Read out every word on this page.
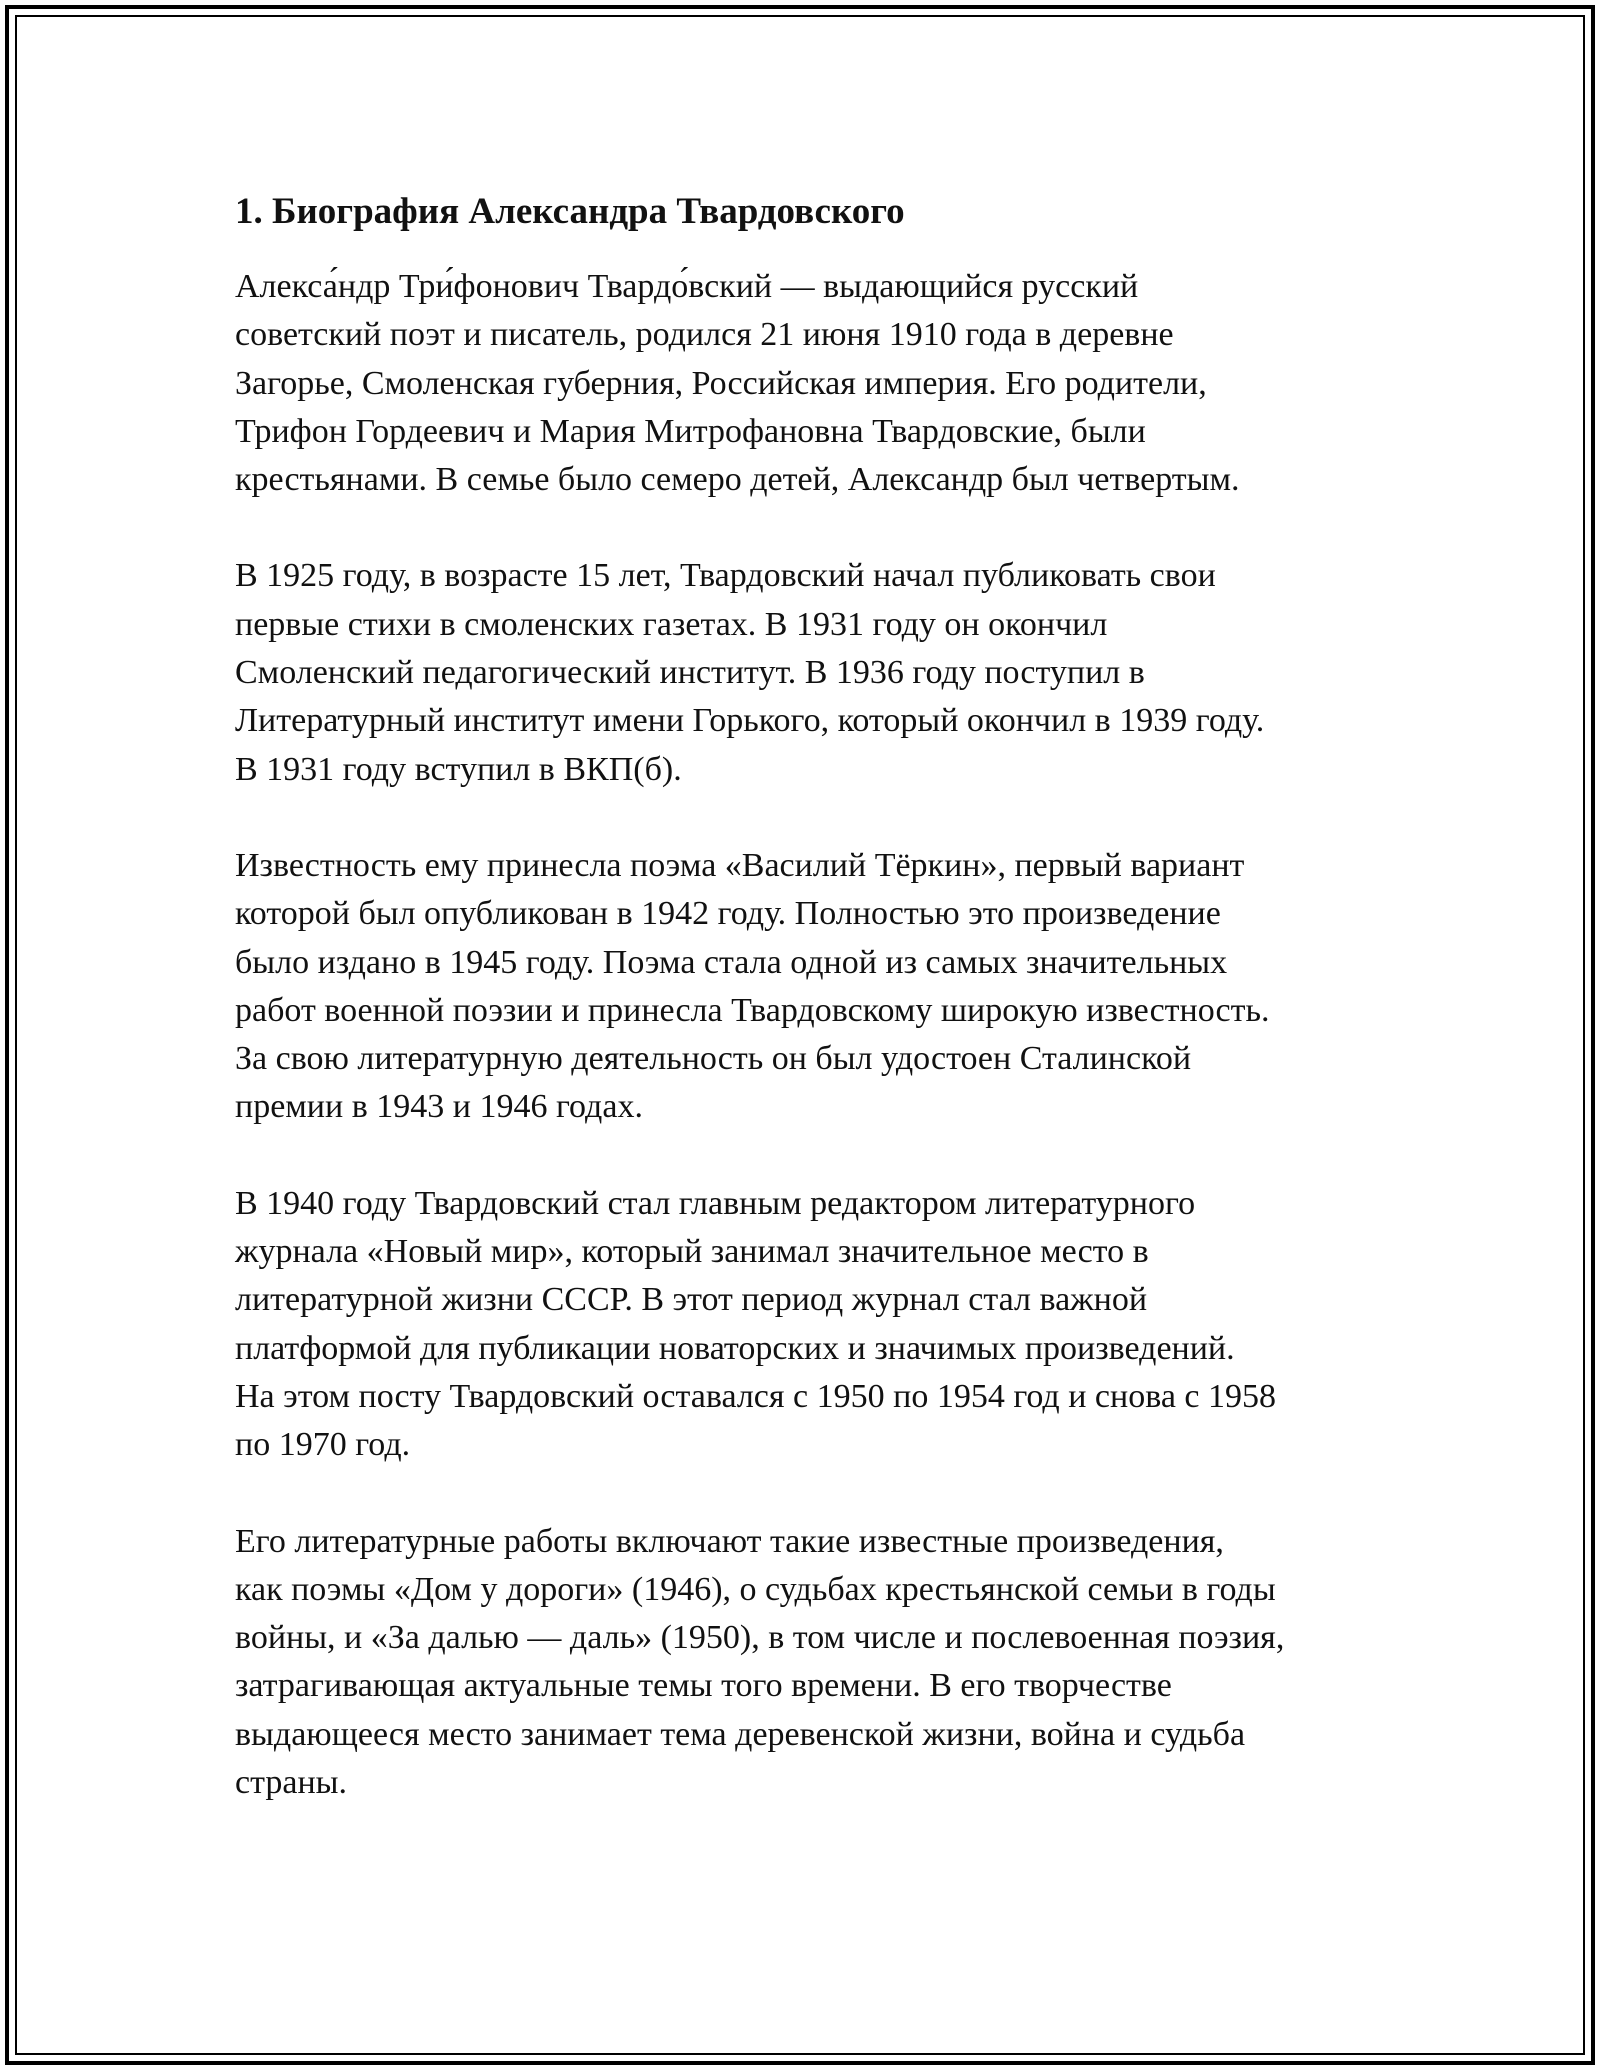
1. Биография Александра Твардовского

Алекса́ндр Три́фонович Твардо́вский — выдающийся русский
советский поэт и писатель, родился 21 июня 1910 года в деревне
Загорье, Смоленская губерния, Российская империя. Его родители,
Трифон Гордеевич и Мария Митрофановна Твардовские, были
крестьянами. В семье было семеро детей, Александр был четвертым.

В 1925 году, в возрасте 15 лет, Твардовский начал публиковать свои
первые стихи в смоленских газетах. В 1931 году он окончил
Смоленский педагогический институт. В 1936 году поступил в
Литературный институт имени Горького, который окончил в 1939 году.
В 1931 году вступил в ВКП(б).

Известность ему принесла поэма «Василий Тёркин», первый вариант
которой был опубликован в 1942 году. Полностью это произведение
было издано в 1945 году. Поэма стала одной из самых значительных
работ военной поэзии и принесла Твардовскому широкую известность.
За свою литературную деятельность он был удостоен Сталинской
премии в 1943 и 1946 годах.

В 1940 году Твардовский стал главным редактором литературного
журнала «Новый мир», который занимал значительное место в
литературной жизни СССР. В этот период журнал стал важной
платформой для публикации новаторских и значимых произведений.
На этом посту Твардовский оставался с 1950 по 1954 год и снова с 1958
по 1970 год.

Его литературные работы включают такие известные произведения,
как поэмы «Дом у дороги» (1946), о судьбах крестьянской семьи в годы
войны, и «За далью — даль» (1950), в том числе и послевоенная поэзия,
затрагивающая актуальные темы того времени. В его творчестве
выдающееся место занимает тема деревенской жизни, война и судьба
страны.
